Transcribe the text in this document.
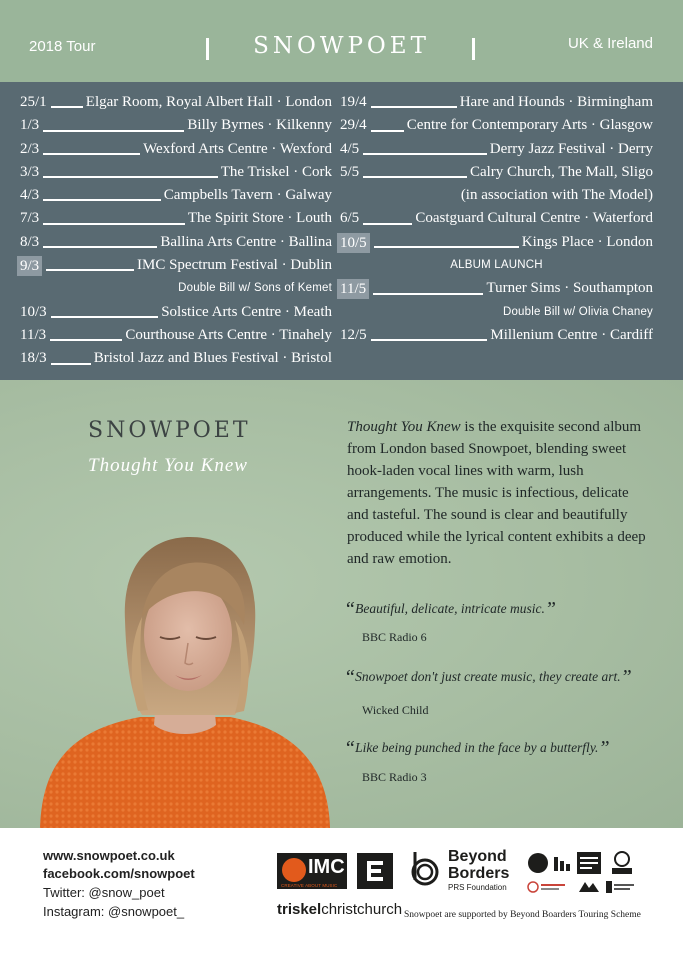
2018 Tour	SNOWPOET	UK & Ireland
25/1	Elgar Room, Royal Albert Hall · London
1/3	Billy Byrnes · Kilkenny
2/3	Wexford Arts Centre · Wexford
3/3	The Triskel · Cork
4/3	Campbells Tavern · Galway
7/3	The Spirit Store · Louth
8/3	Ballina Arts Centre · Ballina
9/3	IMC Spectrum Festival · Dublin
Double Bill w/ Sons of Kemet
10/3	Solstice Arts Centre · Meath
11/3	Courthouse Arts Centre · Tinahely
18/3	Bristol Jazz and Blues Festival · Bristol
19/4	Hare and Hounds · Birmingham
29/4	Centre for Contemporary Arts · Glasgow
4/5	Derry Jazz Festival · Derry
5/5	Calry Church, The Mall, Sligo
(in association with The Model)
6/5	Coastguard Cultural Centre · Waterford
10/5	Kings Place · London
ALBUM LAUNCH
11/5	Turner Sims · Southampton
Double Bill w/ Olivia Chaney
12/5	Millenium Centre · Cardiff
SNOWPOET
Thought You Knew
Thought You Knew is the exquisite second album from London based Snowpoet, blending sweet hook-laden vocal lines with warm, lush arrangements. The music is infectious, delicate and tasteful. The sound is clear and beautifully produced while the lyrical content exhibits a deep and raw emotion.
“Beautiful, delicate, intricate music.”
BBC Radio 6
“Snowpoet don't just create music, they create art.”
Wicked Child
“Like being punched in the face by a butterfly.”
BBC Radio 3
www.snowpoet.co.uk
facebook.com/snowpoet
Twitter: @snow_poet
Instagram: @snowpoet_
IMC
CREATIVE ABOUT MUSIC
Beyond
Borders
PRS Foundation
triskelchristchurch Snowpoet are supported by Beyond Boarders Touring Scheme
